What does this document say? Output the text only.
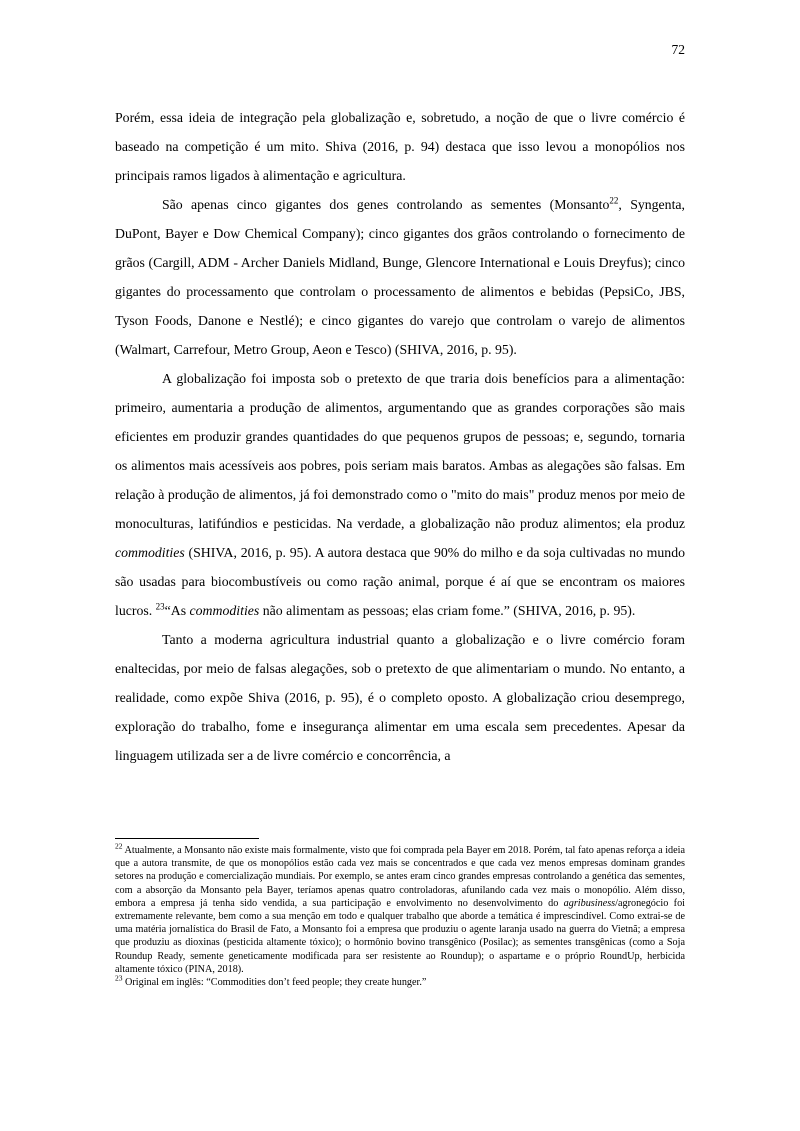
72

Porém, essa ideia de integração pela globalização e, sobretudo, a noção de que o livre comércio é baseado na competição é um mito. Shiva (2016, p. 94) destaca que isso levou a monopólios nos principais ramos ligados à alimentação e agricultura.

São apenas cinco gigantes dos genes controlando as sementes (Monsanto$^{22}$, Syngenta, DuPont, Bayer e Dow Chemical Company); cinco gigantes dos grãos controlando o fornecimento de grãos (Cargill, ADM - Archer Daniels Midland, Bunge, Glencore International e Louis Dreyfus); cinco gigantes do processamento que controlam o processamento de alimentos e bebidas (PepsiCo, JBS, Tyson Foods, Danone e Nestlé); e cinco gigantes do varejo que controlam o varejo de alimentos (Walmart, Carrefour, Metro Group, Aeon e Tesco) (SHIVA, 2016, p. 95).

A globalização foi imposta sob o pretexto de que traria dois benefícios para a alimentação: primeiro, aumentaria a produção de alimentos, argumentando que as grandes corporações são mais eficientes em produzir grandes quantidades do que pequenos grupos de pessoas; e, segundo, tornaria os alimentos mais acessíveis aos pobres, pois seriam mais baratos. Ambas as alegações são falsas. Em relação à produção de alimentos, já foi demonstrado como o "mito do mais" produz menos por meio de monoculturas, latifúndios e pesticidas. Na verdade, a globalização não produz alimentos; ela produz commodities (SHIVA, 2016, p. 95). A autora destaca que 90% do milho e da soja cultivadas no mundo são usadas para biocombustíveis ou como ração animal, porque é aí que se encontram os maiores lucros. $^{23}$“As commodities não alimentam as pessoas; elas criam fome.” (SHIVA, 2016, p. 95).

Tanto a moderna agricultura industrial quanto a globalização e o livre comércio foram enaltecidas, por meio de falsas alegações, sob o pretexto de que alimentariam o mundo. No entanto, a realidade, como expõe Shiva (2016, p. 95), é o completo oposto. A globalização criou desemprego, exploração do trabalho, fome e insegurança alimentar em uma escala sem precedentes. Apesar da linguagem utilizada ser a de livre comércio e concorrência, a

$^{22}$ Atualmente, a Monsanto não existe mais formalmente, visto que foi comprada pela Bayer em 2018. Porém, tal fato apenas reforça a ideia que a autora transmite, de que os monopólios estão cada vez mais se concentrados e que cada vez menos empresas dominam grandes setores na produção e comercialização mundiais. Por exemplo, se antes eram cinco grandes empresas controlando a genética das sementes, com a absorção da Monsanto pela Bayer, teríamos apenas quatro controladoras, afunilando cada vez mais o monopólio. Além disso, embora a empresa já tenha sido vendida, a sua participação e envolvimento no desenvolvimento do agribusiness/agronegócio foi extremamente relevante, bem como a sua menção em todo e qualquer trabalho que aborde a temática é imprescindível. Como extrai-se de uma matéria jornalística do Brasil de Fato, a Monsanto foi a empresa que produziu o agente laranja usado na guerra do Vietnã; a empresa que produziu as dioxinas (pesticida altamente tóxico); o hormônio bovino transgênico (Posilac); as sementes transgênicas (como a Soja Roundup Ready, semente geneticamente modificada para ser resistente ao Roundup); o aspartame e o próprio RoundUp, herbicida altamente tóxico (PINA, 2018).

$^{23}$ Original em inglês: “Commodities don’t feed people; they create hunger.”
